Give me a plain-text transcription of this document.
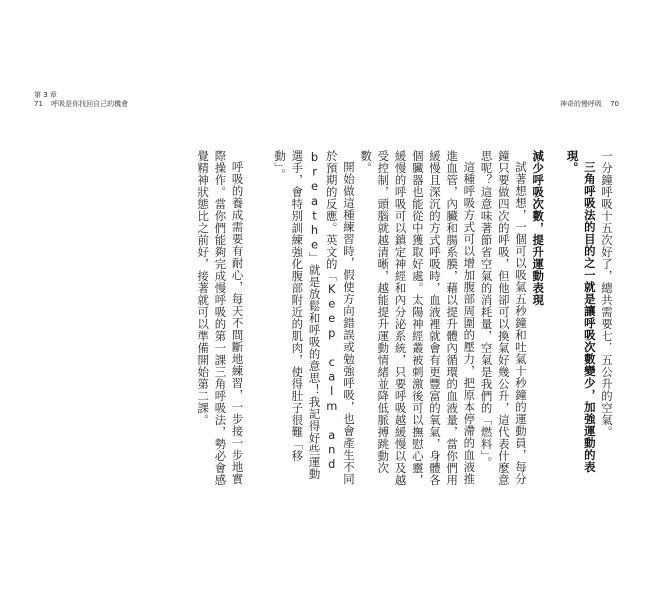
第 3 章
71 呼吸是你找回自己的機會	神奇的慢呼吸 70

一分鐘呼吸十五次好了，總共需要七．五公升的空氣。

三角呼吸法的目的之一就是讓呼吸次數變少，加強運動的表現。

減少呼吸次數，提升運動表現

試著想想，一個可以吸氣五秒鐘和吐氣十秒鐘的運動員，每分鐘只要做四次的呼吸，但他卻可以換氣好幾公升，這代表什麼意思呢？這意味著節省空氣的消耗量，空氣是我們的「燃料」。

這種呼吸方式可以增加腹部周圍的壓力，把原本停滯的血液推進血管，內臟和腸系膜，藉以提升體內循環的血液量，當你們用緩慢且深沉的方式呼吸時，血液裡就會有更豐富的氧氣，身體各個臟器也能從中獲取好處。太陽神經叢被刺激後可以撫慰心靈，緩慢的呼吸可以鎮定神經和內分泌系統，只要呼吸越緩慢以及越受控制，頭腦就越清晰，越能提升運動情緒並降低脈搏跳動次數。

開始做這種練習時，假使方向錯誤或勉強呼吸，也會產生不同於預期的反應。英文的「Keep calm and breathe」就是放鬆和呼吸的意思！我記得好些運動選手，會特別訓練強化腹部附近的肌肉，使得肚子很難「移動」。

呼吸的養成需要有耐心，每天不間斷地練習，一步接一步地實際操作。當你們能夠完成慢呼吸的第一課三角呼吸法，勢必會感覺精神狀態比之前好，接著就可以準備開始第二課。
